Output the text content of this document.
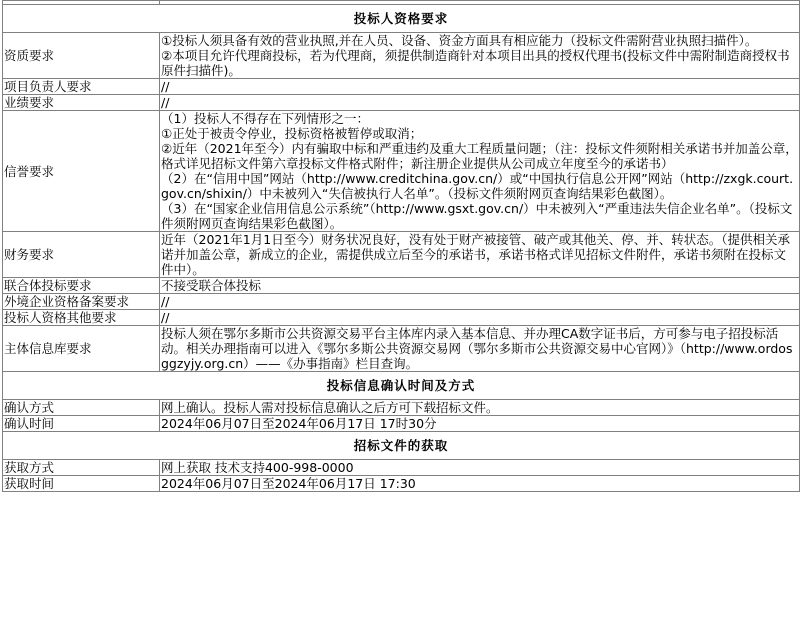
投标人资格要求	
资质要求	①投标人须具备有效的营业执照,并在人员、设备、资金方面具有相应能力（投标文件需附营业执照扫描件）。
②本项目允许代理商投标，若为代理商，须提供制造商针对本项目出具的授权代理书(投标文件中需附制造商授权书原件扫描件)。

项目负责人要求	//
业绩要求	//
信誉要求	（1）投标人不得存在下列情形之一：
①正处于被责令停业，投标资格被暂停或取消；
②近年（2021年至今）内有骗取中标和严重违约及重大工程质量问题；（注：投标文件须附相关承诺书并加盖公章，格式详见招标文件第六章投标文件格式附件；新注册企业提供从公司成立年度至今的承诺书）
（2）在“信用中国”网站（http://www.creditchina.gov.cn/）或“中国执行信息公开网”网站（http://zxgk.court.gov.cn/shixin/）中未被列入“失信被执行人名单”。（投标文件须附网页查询结果彩色截图）。
（3）在“国家企业信用信息公示系统”（http://www.gsxt.gov.cn/）中未被列入“严重违法失信企业名单”。（投标文件须附网页查询结果彩色截图）。

财务要求	近年（2021年1月1日至今）财务状况良好，没有处于财产被接管、破产或其他关、停、并、转状态。（提供相关承诺并加盖公章，新成立的企业，需提供成立后至今的承诺书，承诺书格式详见招标文件附件，承诺书须附在投标文件中）。

联合体投标要求	不接受联合体投标
外境企业资格备案要求	//
投标人资格其他要求	//
主体信息库要求	投标人须在鄂尔多斯市公共资源交易平台主体库内录入基本信息、并办理CA数字证书后，方可参与电子招投标活动。相关办理指南可以进入《鄂尔多斯公共资源交易网（鄂尔多斯市公共资源交易中心官网）》（http://www.ordosggzyjy.org.cn）——《办事指南》栏目查询。

投标信息确认时间及方式	
确认方式	网上确认。投标人需对投标信息确认之后方可下载招标文件。
确认时间	2024年06月07日至2024年06月17日 17时30分
招标文件的获取	
获取方式	网上获取 技术支持400-998-0000
获取时间	2024年06月07日至2024年06月17日 17:30
